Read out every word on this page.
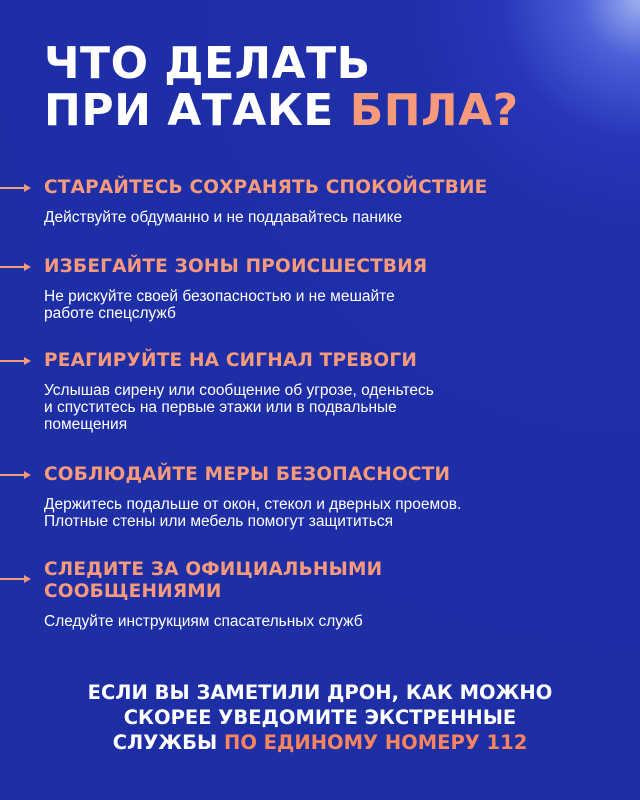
ЧТО ДЕЛАТЬ
ПРИ АТАКЕ БПЛА?

СТАРАЙТЕСЬ СОХРАНЯТЬ СПОКОЙСТВИЕ

Действуйте обдуманно и не поддавайтесь панике

ИЗБЕГАЙТЕ ЗОНЫ ПРОИСШЕСТВИЯ

Не рискуйте своей безопасностью и не мешайте
работе спецслужб

РЕАГИРУЙТЕ НА СИГНАЛ ТРЕВОГИ

Услышав сирену или сообщение об угрозе, оденьтесь
и спуститесь на первые этажи или в подвальные
помещения

СОБЛЮДАЙТЕ МЕРЫ БЕЗОПАСНОСТИ

Держитесь подальше от окон, стекол и дверных проемов.
Плотные стены или мебель помогут защититься

СЛЕДИТЕ ЗА ОФИЦИАЛЬНЫМИ
СООБЩЕНИЯМИ

Следуйте инструкциям спасательных служб

ЕСЛИ ВЫ ЗАМЕТИЛИ ДРОН, КАК МОЖНО
СКОРЕЕ УВЕДОМИТЕ ЭКСТРЕННЫЕ
СЛУЖБЫ ПО ЕДИНОМУ НОМЕРУ 112
